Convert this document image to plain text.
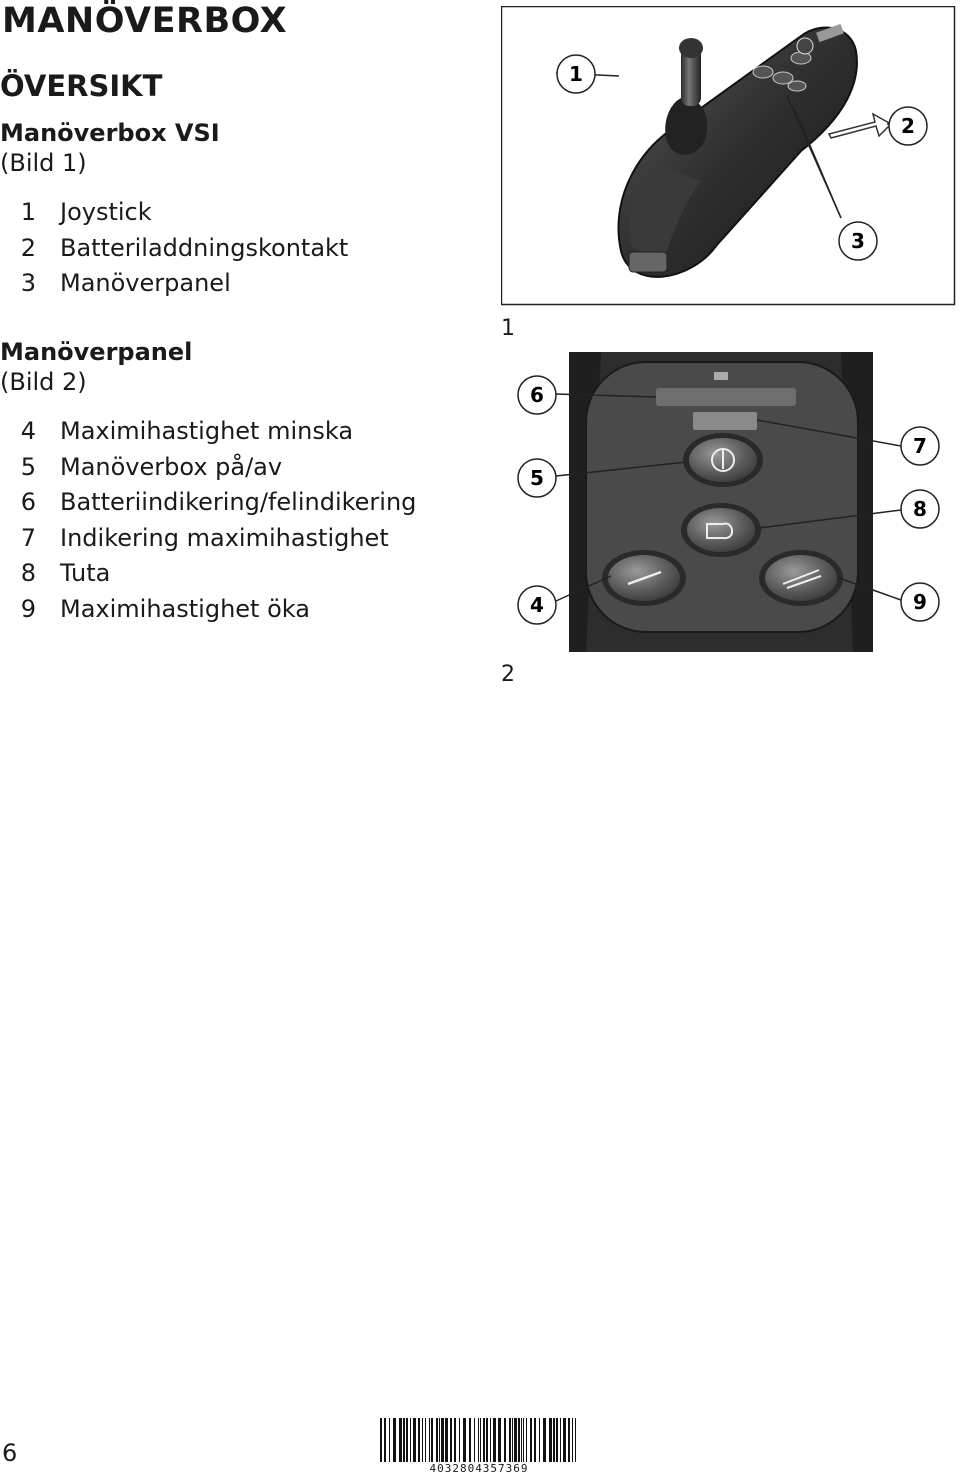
MANÖVERBOX
ÖVERSIKT
Manöverbox VSI
(Bild 1)
1	Joystick
2	Batteriladdningskontakt
3	Manöverpanel
Manöverpanel
(Bild 2)
4	Maximihastighet minska
5	Manöverbox på/av
6	Batteriindikering/felindikering
7	Indikering maximihastighet
8	Tuta
9	Maximihastighet öka
1
2
3
1
6
5
4
7
8
9
2
6
4032804357369
